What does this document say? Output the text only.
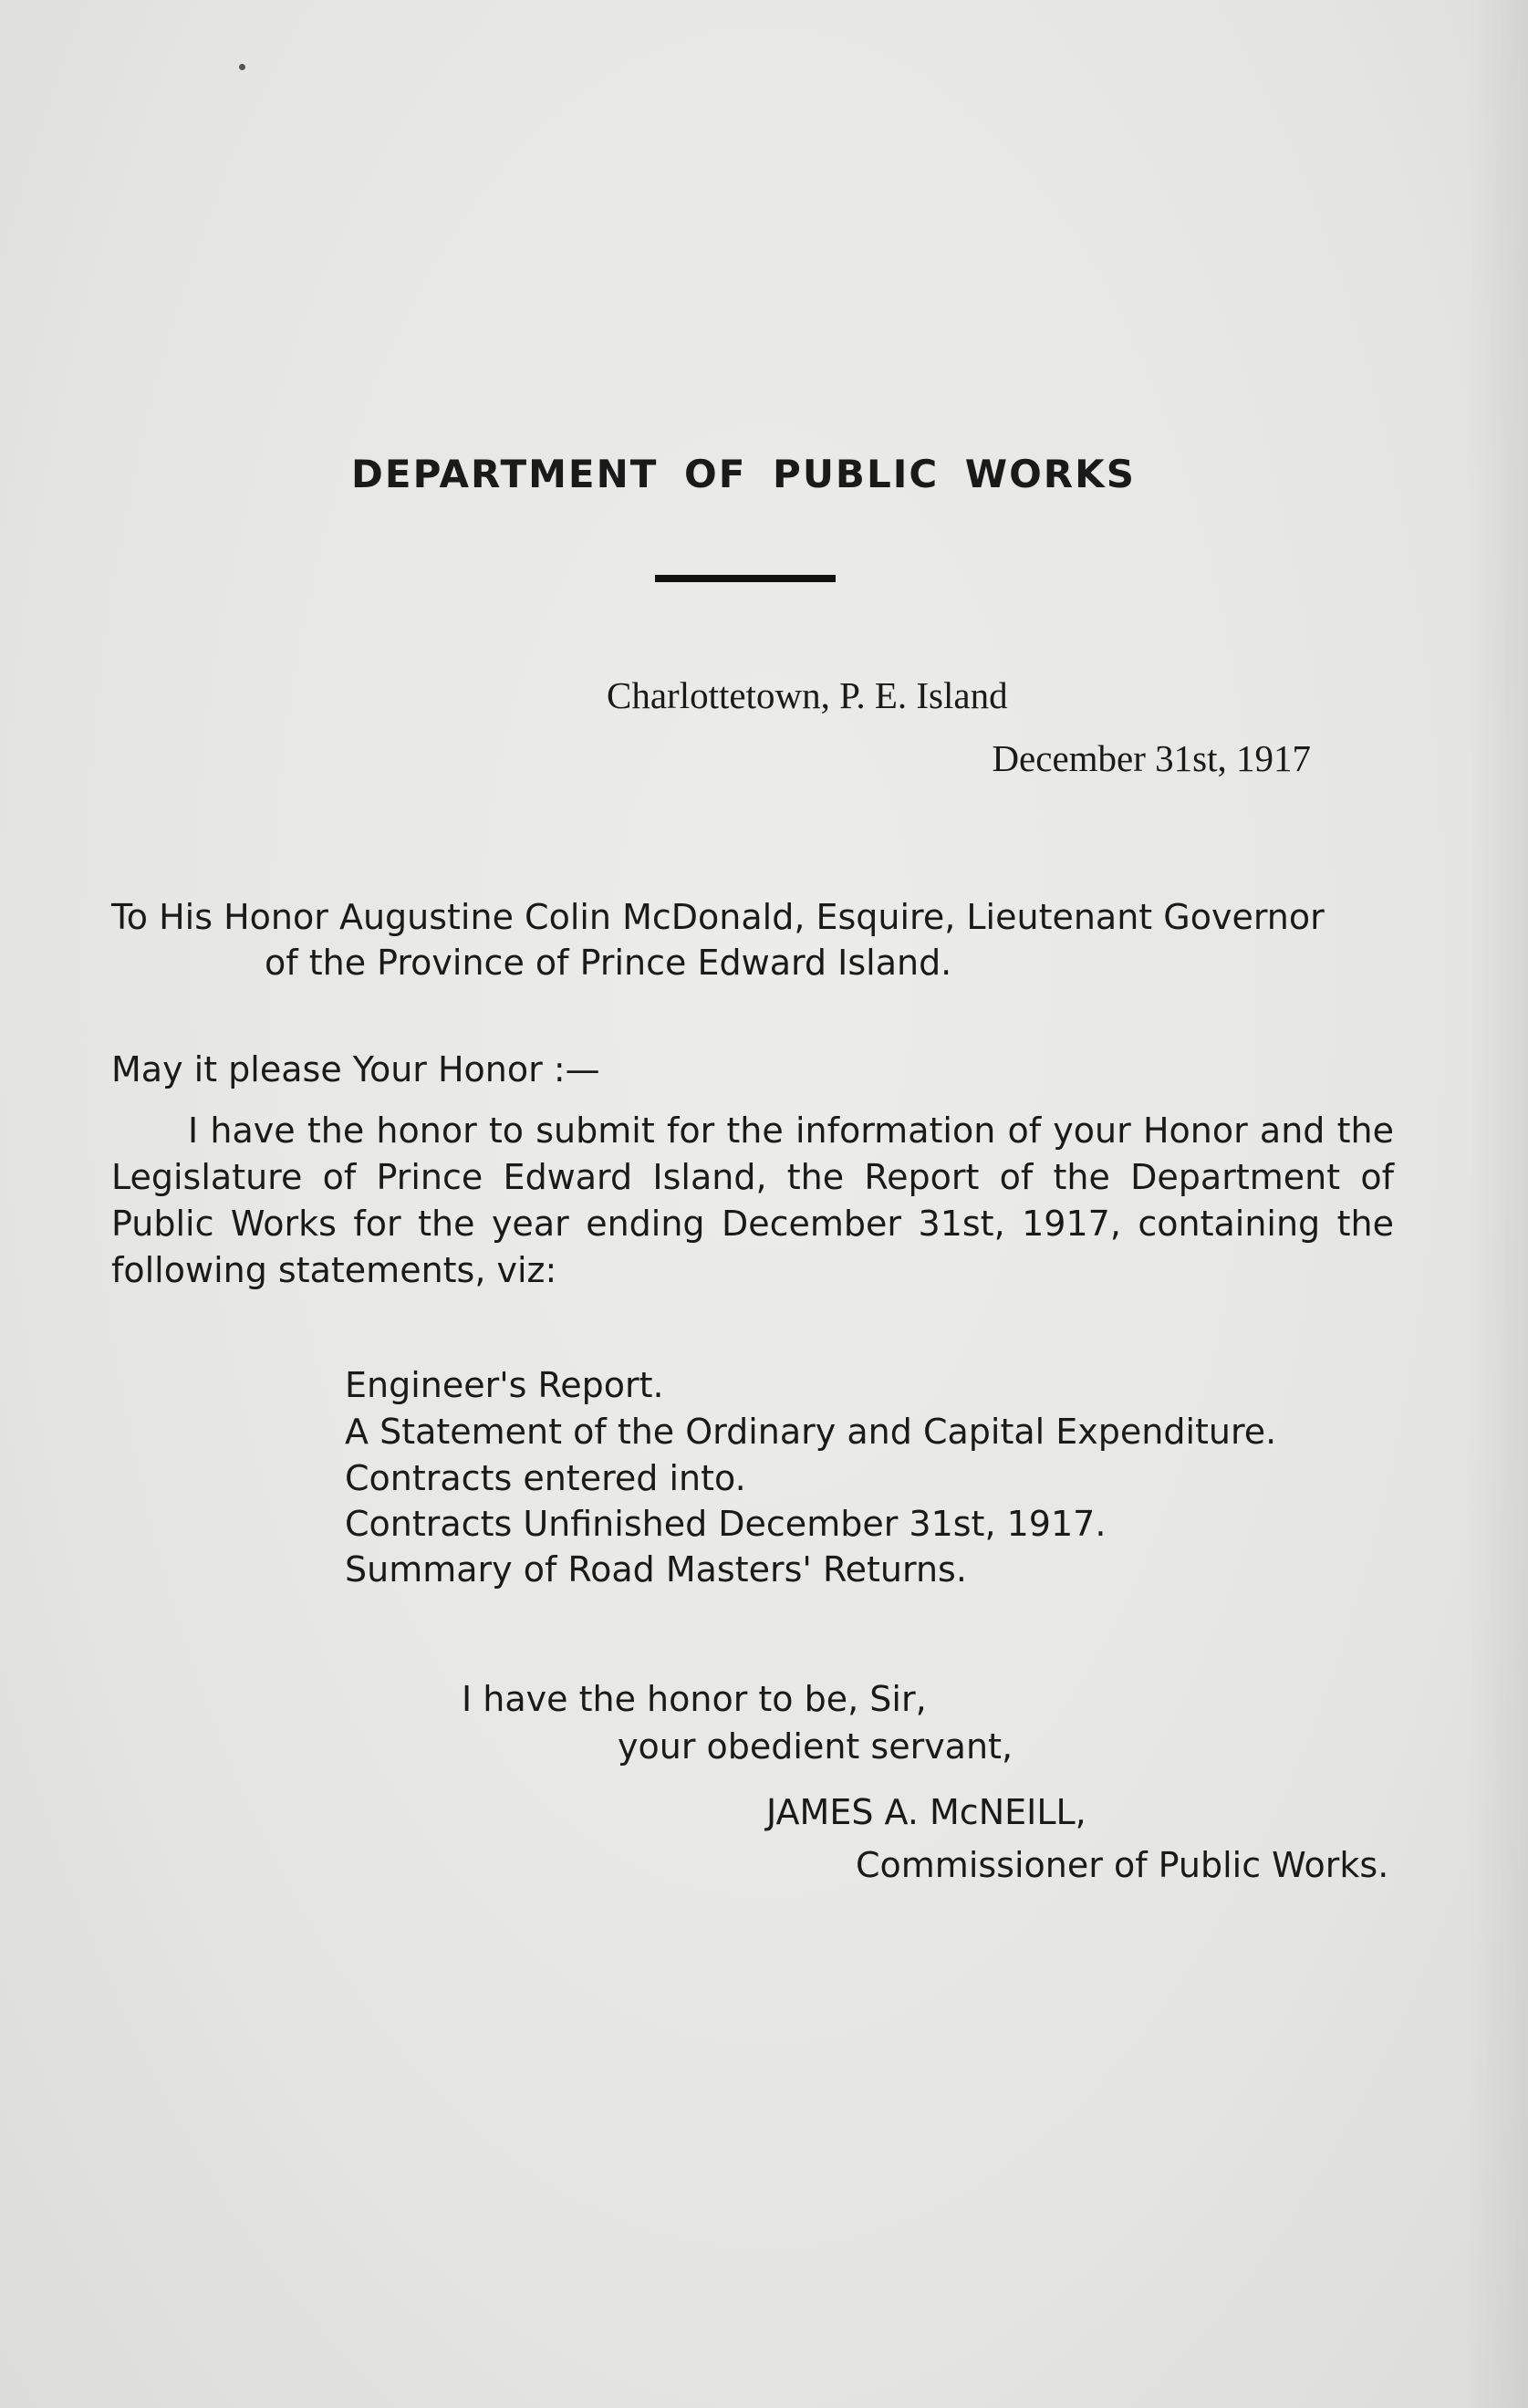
DEPARTMENT OF PUBLIC WORKS

Charlottetown, P. E. Island

December 31st, 1917

To His Honor Augustine Colin McDonald, Esquire, Lieutenant Governor

of the Province of Prince Edward Island.

May it please Your Honor :—

I have the honor to submit for the information of your Honor and the Legislature of Prince Edward Island, the Report of the Department of Public Works for the year ending December 31st, 1917, containing the following statements, viz:

Engineer's Report.

A Statement of the Ordinary and Capital Expenditure.

Contracts entered into.

Contracts Unfinished December 31st, 1917.

Summary of Road Masters' Returns.

I have the honor to be, Sir,

your obedient servant,

JAMES A. McNEILL,

Commissioner of Public Works.
